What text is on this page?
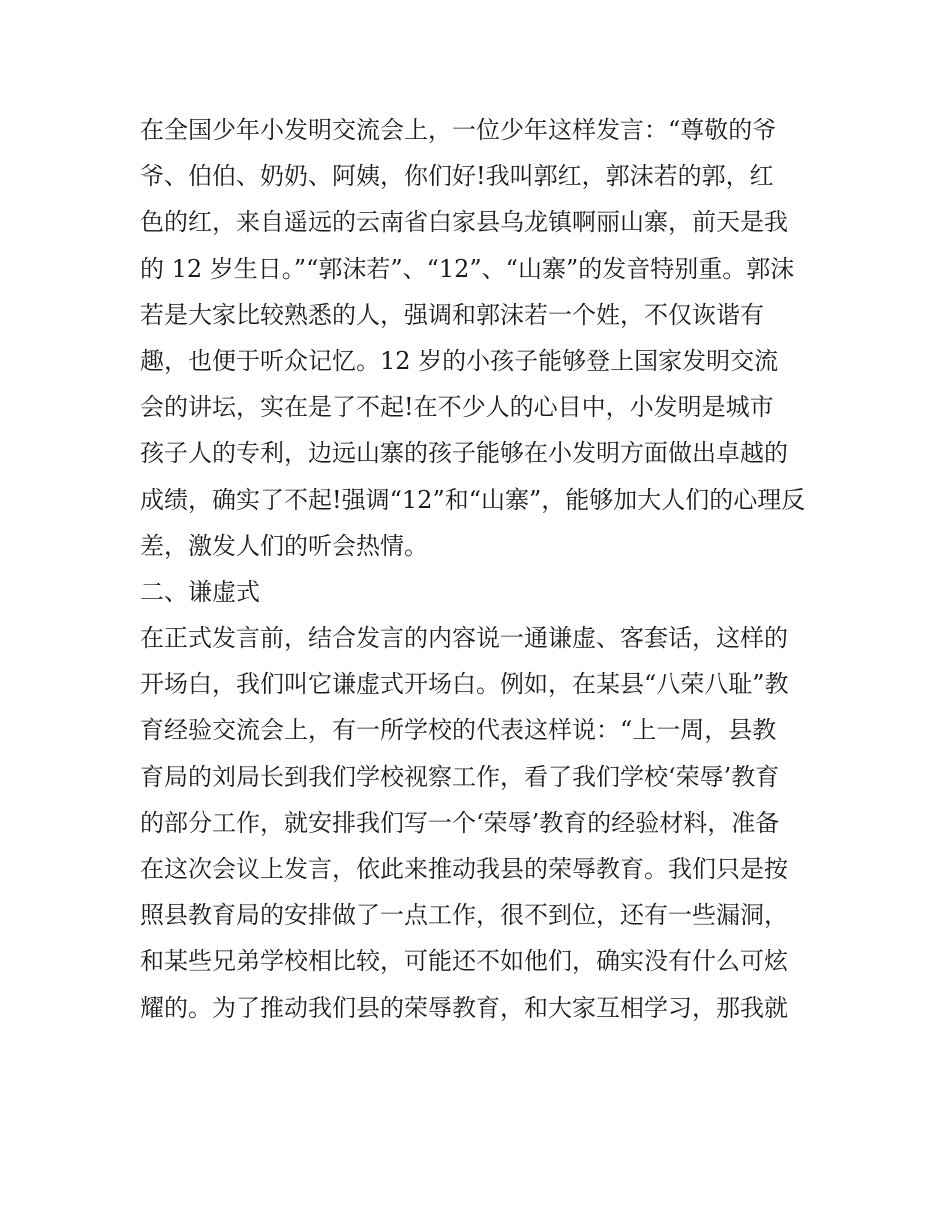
在全国少年小发明交流会上，一位少年这样发言：“尊敬的爷
爷、伯伯、奶奶、阿姨，你们好!我叫郭红，郭沫若的郭，红
色的红，来自遥远的云南省白家县乌龙镇啊丽山寨，前天是我
的 12 岁生日。”“郭沫若”、“12”、“山寨”的发音特别重。郭沫
若是大家比较熟悉的人，强调和郭沫若一个姓，不仅诙谐有
趣，也便于听众记忆。12 岁的小孩子能够登上国家发明交流
会的讲坛，实在是了不起!在不少人的心目中，小发明是城市
孩子人的专利，边远山寨的孩子能够在小发明方面做出卓越的
成绩，确实了不起!强调“12”和“山寨”，能够加大人们的心理反
差，激发人们的听会热情。
二、谦虚式
在正式发言前，结合发言的内容说一通谦虚、客套话，这样的
开场白，我们叫它谦虚式开场白。例如，在某县“八荣八耻”教
育经验交流会上，有一所学校的代表这样说：“上一周，县教
育局的刘局长到我们学校视察工作，看了我们学校‘荣辱’教育
的部分工作，就安排我们写一个‘荣辱’教育的经验材料，准备
在这次会议上发言，依此来推动我县的荣辱教育。我们只是按
照县教育局的安排做了一点工作，很不到位，还有一些漏洞，
和某些兄弟学校相比较，可能还不如他们，确实没有什么可炫
耀的。为了推动我们县的荣辱教育，和大家互相学习，那我就
